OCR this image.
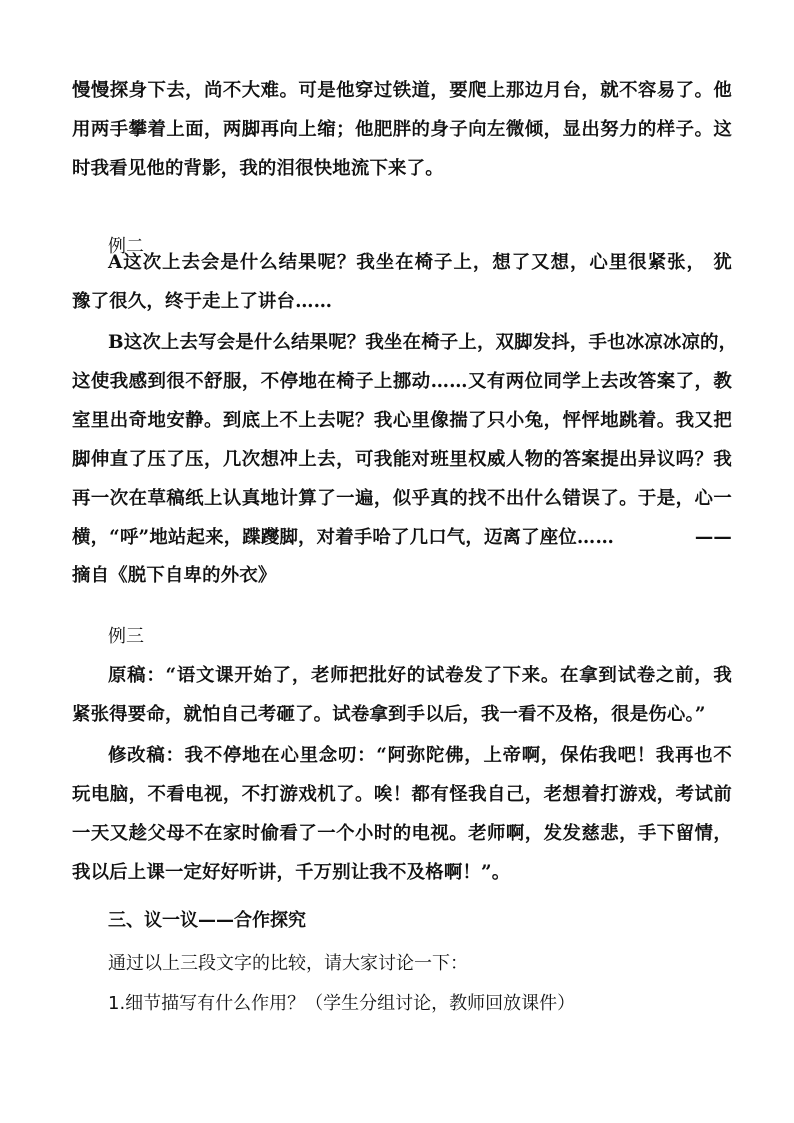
慢慢探身下去，尚不大难。可是他穿过铁道，要爬上那边月台，就不容易了。他
用两手攀着上面，两脚再向上缩；他肥胖的身子向左微倾，显出努力的样子。这
时我看见他的背影，我的泪很快地流下来了。
例二
A这次上去会是什么结果呢？我坐在椅子上，想了又想，心里很紧张， 犹
豫了很久，终于走上了讲台……
B这次上去写会是什么结果呢？我坐在椅子上，双脚发抖，手也冰凉冰凉的，
这使我感到很不舒服，不停地在椅子上挪动……又有两位同学上去改答案了，教
室里出奇地安静。到底上不上去呢？我心里像揣了只小兔，怦怦地跳着。我又把
脚伸直了压了压，几次想冲上去，可我能对班里权威人物的答案提出异议吗？我
再一次在草稿纸上认真地计算了一遍，似乎真的找不出什么错误了。于是，心一
横，“呼”地站起来，蹀躞脚，对着手哈了几口气，迈离了座位……	——
摘自《脱下自卑的外衣》
例三
原稿：“语文课开始了，老师把批好的试卷发了下来。在拿到试卷之前，我
紧张得要命，就怕自己考砸了。试卷拿到手以后，我一看不及格，很是伤心。”
修改稿：我不停地在心里念叨：“阿弥陀佛，上帝啊，保佑我吧！我再也不
玩电脑，不看电视，不打游戏机了。唉！都有怪我自己，老想着打游戏，考试前
一天又趁父母不在家时偷看了一个小时的电视。老师啊，发发慈悲，手下留情，
我以后上课一定好好听讲，千万别让我不及格啊！”。
三、议一议——合作探究
通过以上三段文字的比较，请大家讨论一下：
1.细节描写有什么作用？（学生分组讨论，教师回放课件）
